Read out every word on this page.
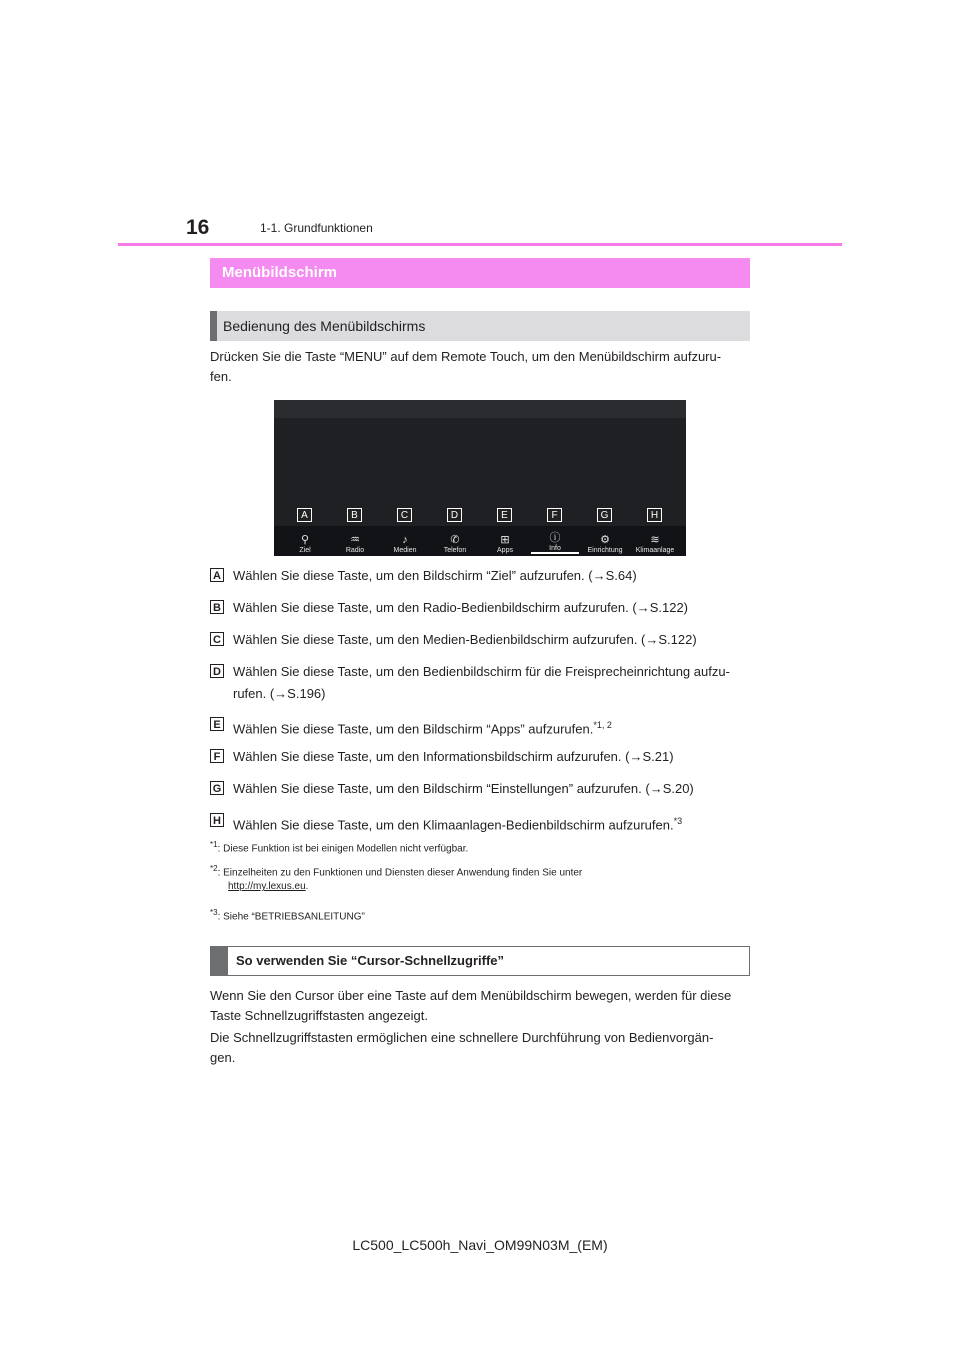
16	1-1. Grundfunktionen
Menübildschirm
Bedienung des Menübildschirms
Drücken Sie die Taste “MENU” auf dem Remote Touch, um den Menübildschirm aufzuru-
fen.
A	B	C	D	E	F	G	H
⚲
Ziel
♒
Radio
♪
Medien
✆
Telefon
⊞
Apps
ⓘ
Info
⚙
Einrichtung
≋
Klimaanlage
A Wählen Sie diese Taste, um den Bildschirm “Ziel” aufzurufen. (→S.64)
B Wählen Sie diese Taste, um den Radio-Bedienbildschirm aufzurufen. (→S.122)
C Wählen Sie diese Taste, um den Medien-Bedienbildschirm aufzurufen. (→S.122)
D Wählen Sie diese Taste, um den Bedienbildschirm für die Freisprecheinrichtung aufzu-
rufen. (→S.196)
E Wählen Sie diese Taste, um den Bildschirm “Apps” aufzurufen.$^{*1, 2}$
F Wählen Sie diese Taste, um den Informationsbildschirm aufzurufen. (→S.21)
G Wählen Sie diese Taste, um den Bildschirm “Einstellungen” aufzurufen. (→S.20)
H Wählen Sie diese Taste, um den Klimaanlagen-Bedienbildschirm aufzurufen.$^{*3}$
$^{*1}$: Diese Funktion ist bei einigen Modellen nicht verfügbar.
$^{*2}$: Einzelheiten zu den Funktionen und Diensten dieser Anwendung finden Sie unter
http://my.lexus.eu.
$^{*3}$: Siehe “BETRIEBSANLEITUNG”
So verwenden Sie “Cursor-Schnellzugriffe”
Wenn Sie den Cursor über eine Taste auf dem Menübildschirm bewegen, werden für diese
Taste Schnellzugriffstasten angezeigt.
Die Schnellzugriffstasten ermöglichen eine schnellere Durchführung von Bedienvorgän-
gen.
LC500_LC500h_Navi_OM99N03M_(EM)
